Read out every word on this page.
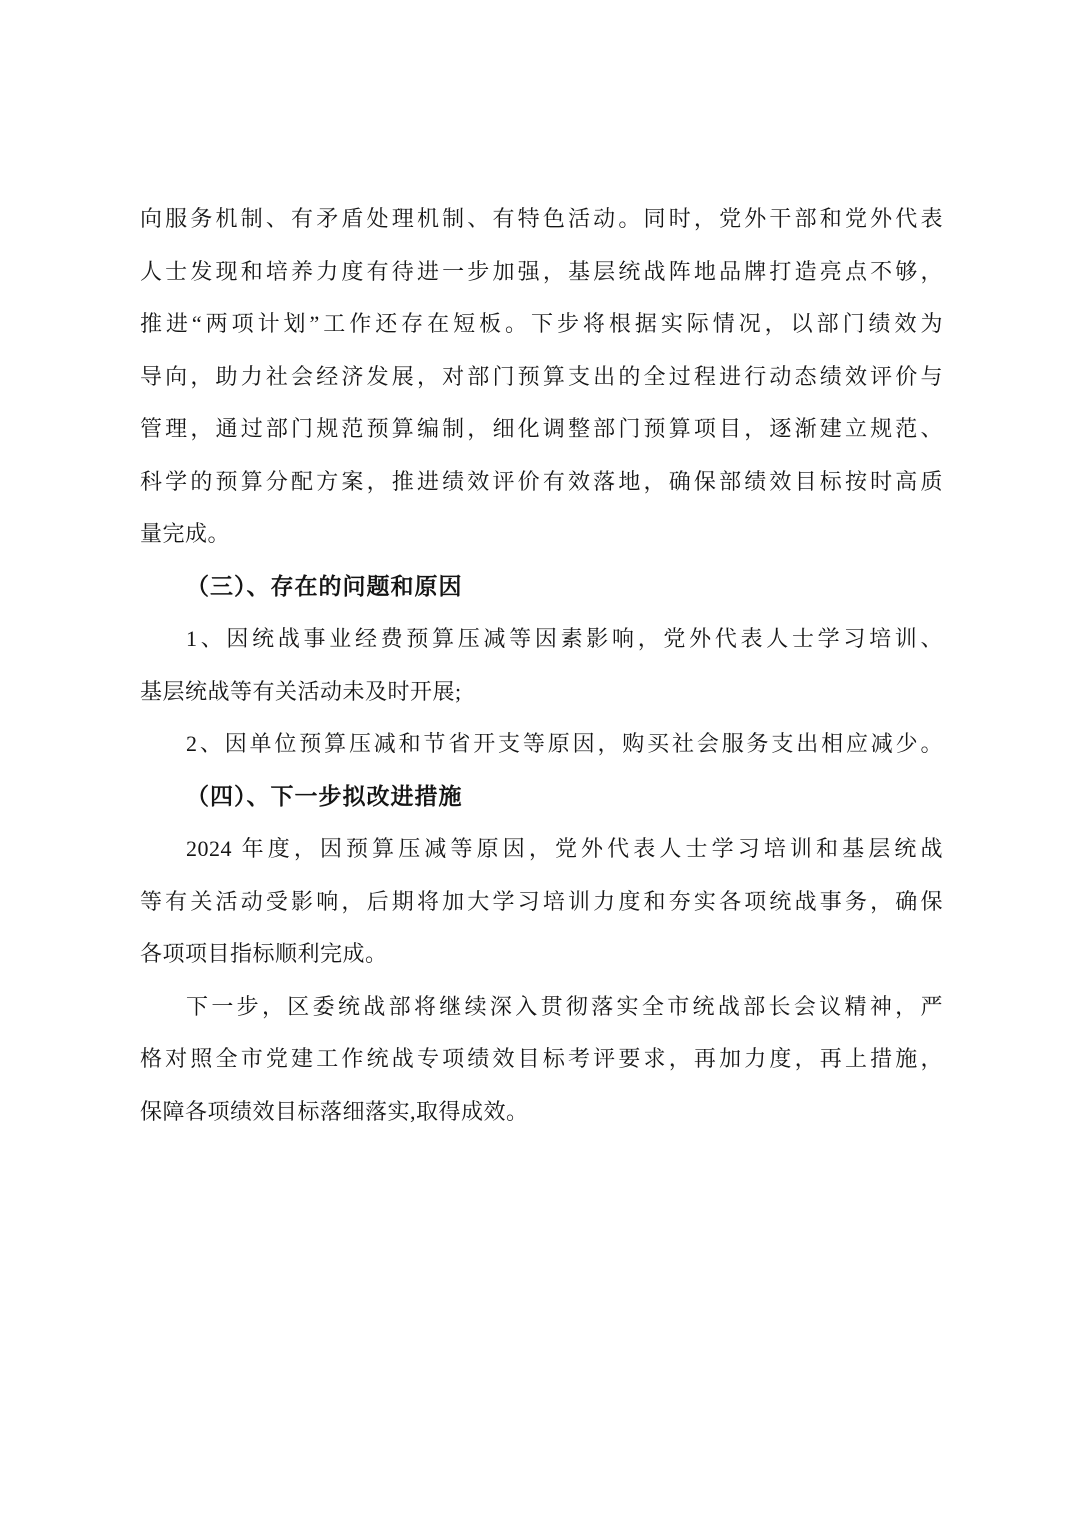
向服务机制、有矛盾处理机制、有特色活动。同时，党外干部和党外代表
人士发现和培养力度有待进一步加强，基层统战阵地品牌打造亮点不够，
推进“两项计划”工作还存在短板。下步将根据实际情况，以部门绩效为
导向，助力社会经济发展，对部门预算支出的全过程进行动态绩效评价与
管理，通过部门规范预算编制，细化调整部门预算项目，逐渐建立规范、
科学的预算分配方案，推进绩效评价有效落地，确保部绩效目标按时高质
量完成。
（三）、存在的问题和原因
1、因统战事业经费预算压减等因素影响，党外代表人士学习培训、
基层统战等有关活动未及时开展;
2、因单位预算压减和节省开支等原因，购买社会服务支出相应减少。
（四）、下一步拟改进措施
2024 年度，因预算压减等原因，党外代表人士学习培训和基层统战
等有关活动受影响，后期将加大学习培训力度和夯实各项统战事务，确保
各项项目指标顺利完成。
下一步，区委统战部将继续深入贯彻落实全市统战部长会议精神，严
格对照全市党建工作统战专项绩效目标考评要求，再加力度，再上措施，
保障各项绩效目标落细落实,取得成效。
